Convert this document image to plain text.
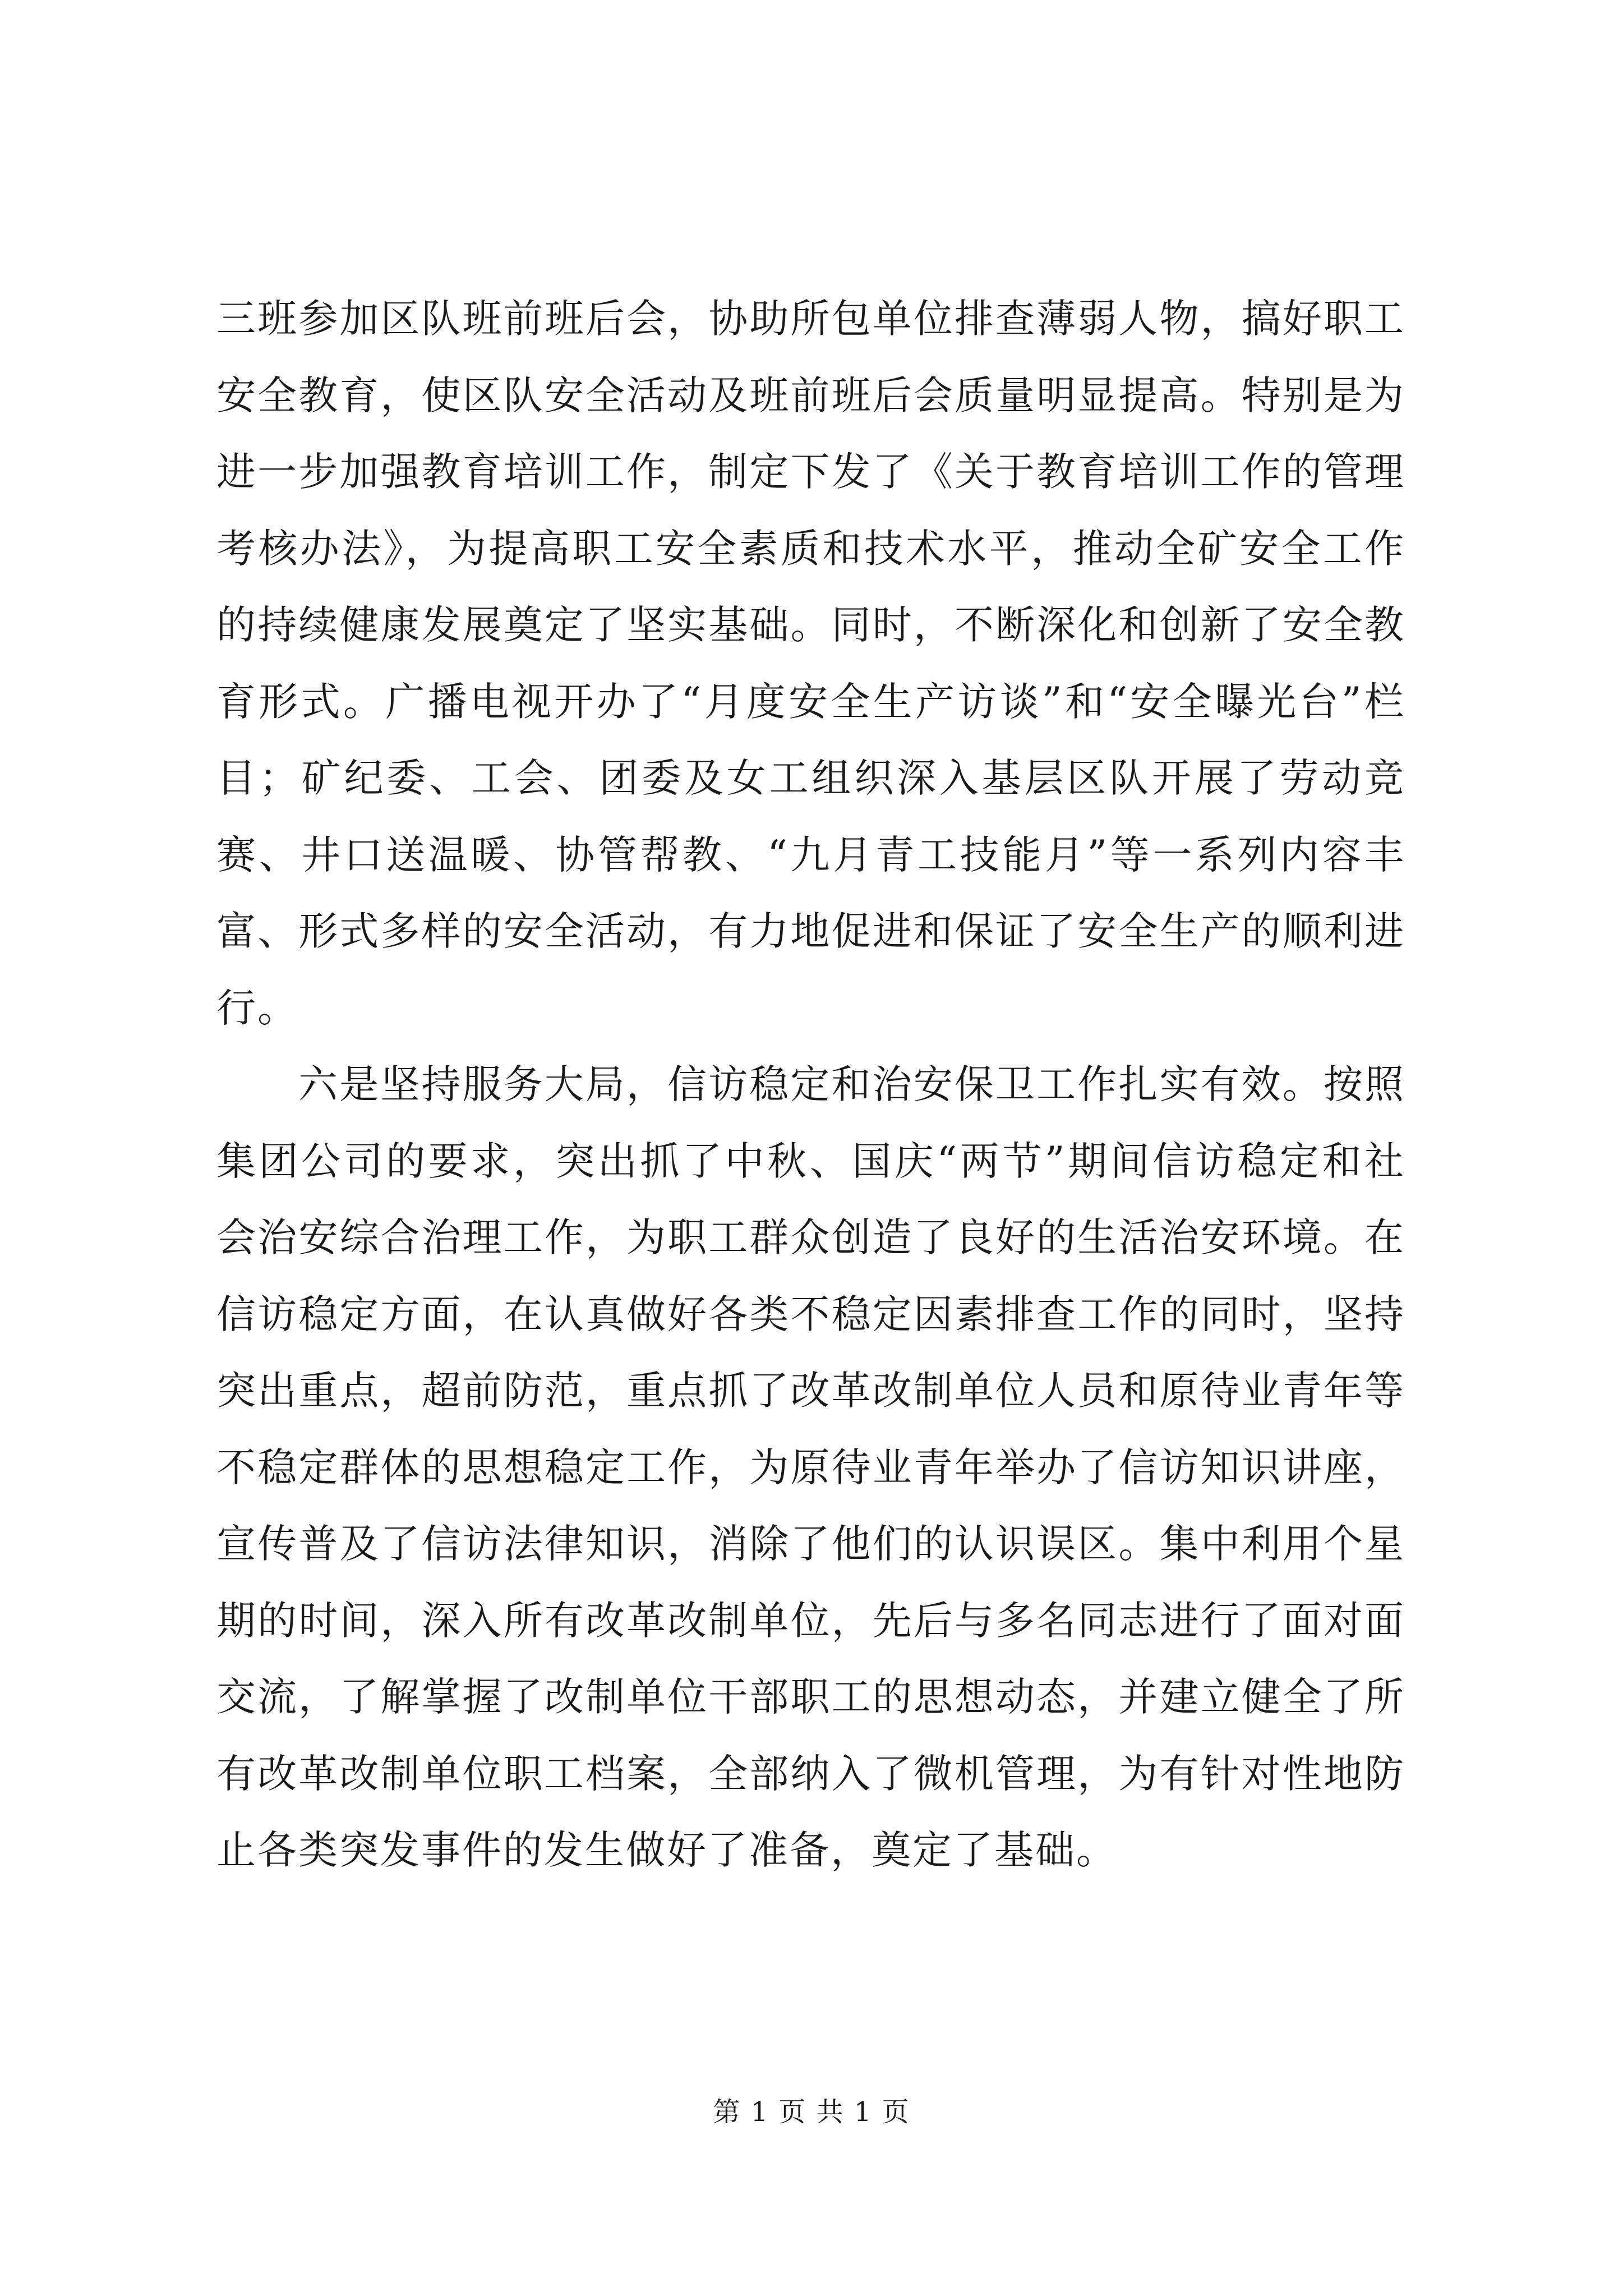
三班参加区队班前班后会，协助所包单位排查薄弱人物，搞好职工安全教育，使区队安全活动及班前班后会质量明显提高。特别是为进一步加强教育培训工作，制定下发了《关于教育培训工作的管理考核办法》，为提高职工安全素质和技术水平，推动全矿安全工作的持续健康发展奠定了坚实基础。同时，不断深化和创新了安全教育形式。广播电视开办了“月度安全生产访谈”和“安全曝光台”栏目；矿纪委、工会、团委及女工组织深入基层区队开展了劳动竞赛、井口送温暖、协管帮教、“九月青工技能月”等一系列内容丰富、形式多样的安全活动，有力地促进和保证了安全生产的顺利进行。

六是坚持服务大局，信访稳定和治安保卫工作扎实有效。按照集团公司的要求，突出抓了中秋、国庆“两节”期间信访稳定和社会治安综合治理工作，为职工群众创造了良好的生活治安环境。在信访稳定方面，在认真做好各类不稳定因素排查工作的同时，坚持突出重点，超前防范，重点抓了改革改制单位人员和原待业青年等不稳定群体的思想稳定工作，为原待业青年举办了信访知识讲座，宣传普及了信访法律知识，消除了他们的认识误区。集中利用个星期的时间，深入所有改革改制单位，先后与多名同志进行了面对面交流，了解掌握了改制单位干部职工的思想动态，并建立健全了所有改革改制单位职工档案，全部纳入了微机管理，为有针对性地防止各类突发事件的发生做好了准备，奠定了基础。

第 1 页 共 1 页
